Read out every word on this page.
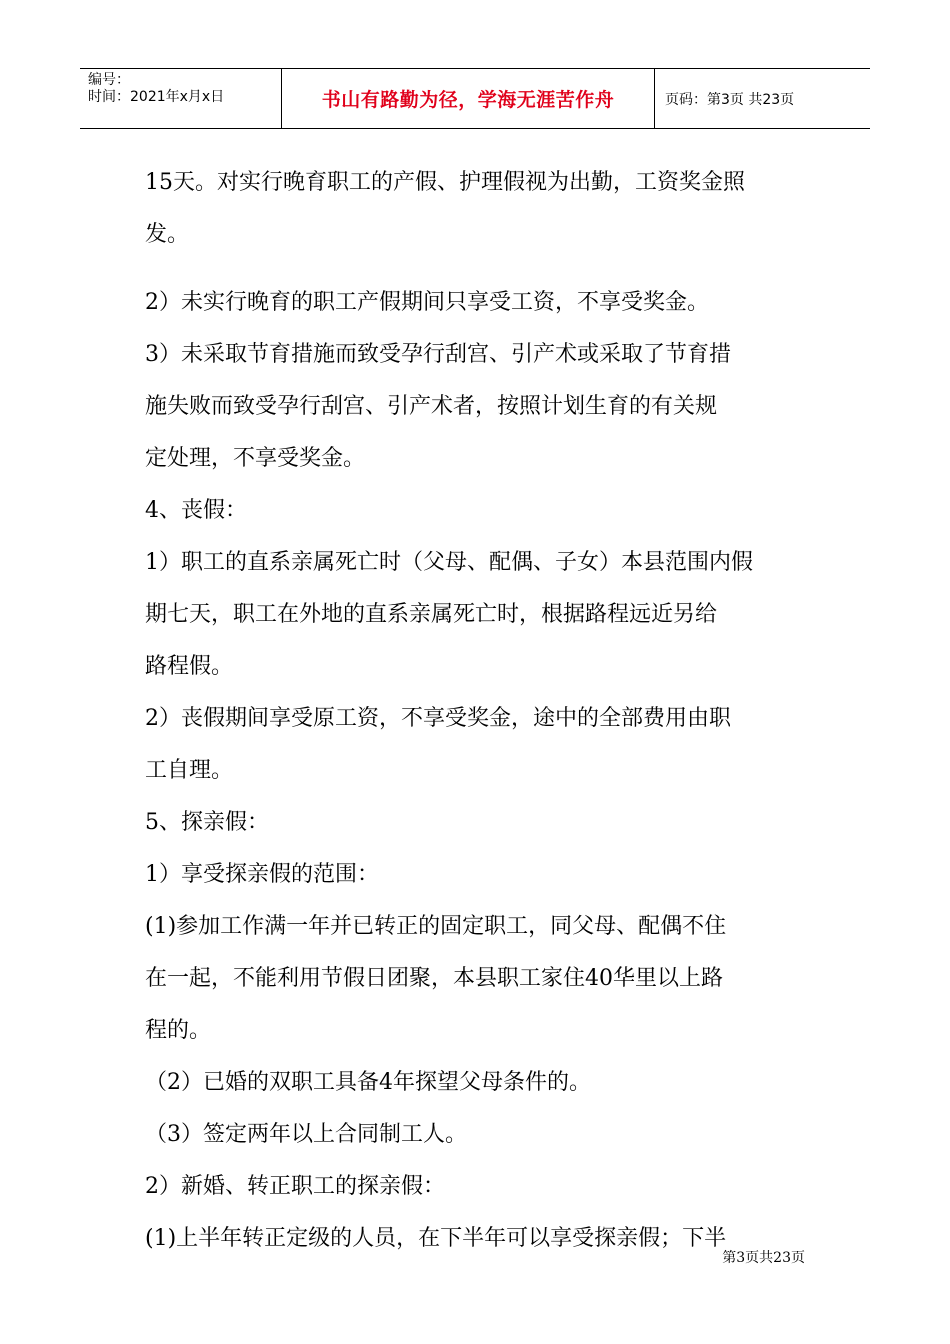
编号：
时间：2021年x月x日	书山有路勤为径，学海无涯苦作舟	页码：第3页 共23页
15天。对实行晚育职工的产假、护理假视为出勤，工资奖金照
发。
2）未实行晚育的职工产假期间只享受工资，不享受奖金。
3）未采取节育措施而致受孕行刮宫、引产术或采取了节育措
施失败而致受孕行刮宫、引产术者，按照计划生育的有关规
定处理，不享受奖金。
4、丧假：
1）职工的直系亲属死亡时（父母、配偶、子女）本县范围内假
期七天，职工在外地的直系亲属死亡时，根据路程远近另给
路程假。
2）丧假期间享受原工资，不享受奖金，途中的全部费用由职
工自理。
5、探亲假：
1）享受探亲假的范围：
(1)参加工作满一年并已转正的固定职工，同父母、配偶不住
在一起，不能利用节假日团聚，本县职工家住40华里以上路
程的。
（2）已婚的双职工具备4年探望父母条件的。
（3）签定两年以上合同制工人。
2）新婚、转正职工的探亲假：
(1)上半年转正定级的人员，在下半年可以享受探亲假；下半
第3页共23页
